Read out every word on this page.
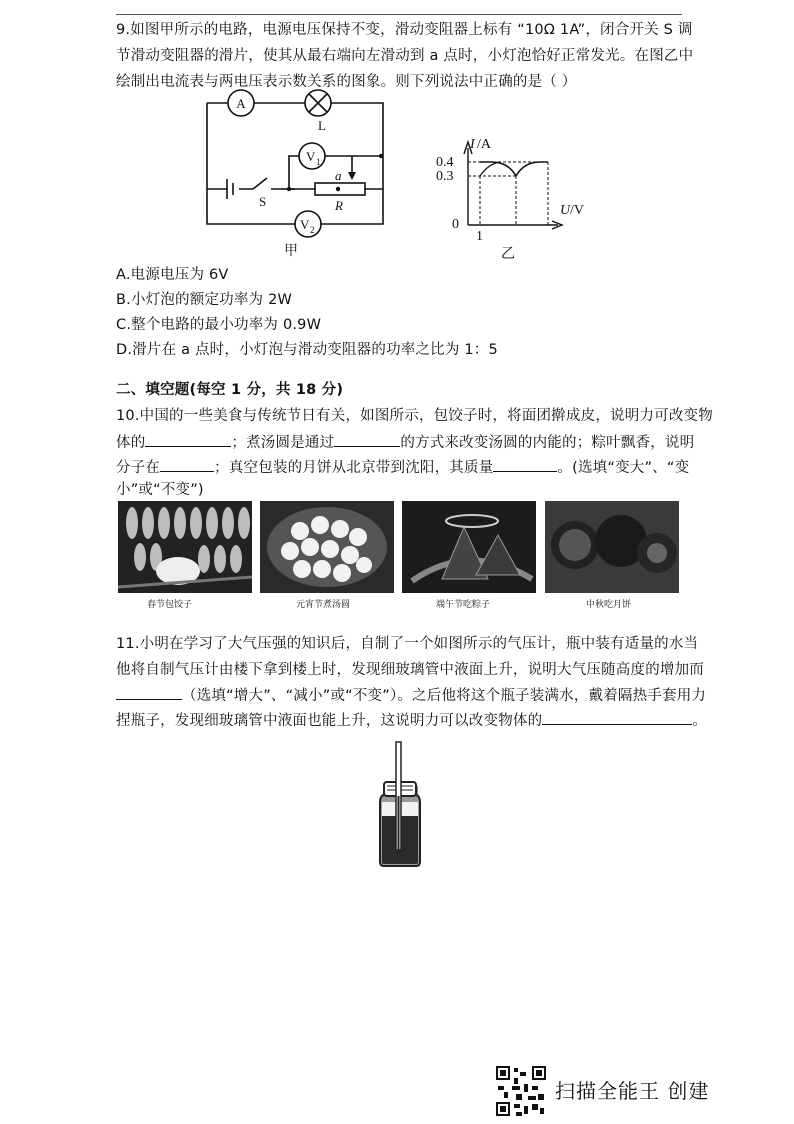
9.如图甲所示的电路，电源电压保持不变，滑动变阻器上标有 “10Ω 1A”，闭合开关 S 调
节滑动变阻器的滑片，使其从最右端向左滑动到 a 点时，小灯泡恰好正常发光。在图乙中
绘制出电流表与两电压表示数关系的图象。则下列说法中正确的是（ ）
A
L
V 1
V 2
S
a
R
甲
I /A
0.4
0.3
0
1
U /V
乙
A.电源电压为 6V
B.小灯泡的额定功率为 2W
C.整个电路的最小功率为 0.9W
D.滑片在 a 点时，小灯泡与滑动变阻器的功率之比为 1：5
二、填空题(每空 1 分，共 18 分)
10.中国的一些美食与传统节日有关，如图所示，包饺子时，将面团擀成皮，说明力可改变物
体的	；煮汤圆是通过	的方式来改变汤圆的内能的；粽叶飘香，说明
分子在	；真空包装的月饼从北京带到沈阳，其质量	。(选填“变大”、“变
小”或“不变”)
春节包饺子	元宵节煮汤圆	端午节吃粽子	中秋吃月饼
11.小明在学习了大气压强的知识后，自制了一个如图所示的气压计，瓶中装有适量的水当
他将自制气压计由楼下拿到楼上时，发现细玻璃管中液面上升，说明大气压随高度的增加而
（选填“增大”、“减小”或“不变”）。之后他将这个瓶子装满水，戴着隔热手套用力
捏瓶子，发现细玻璃管中液面也能上升，这说明力可以改变物体的	。
扫描全能王 创建
